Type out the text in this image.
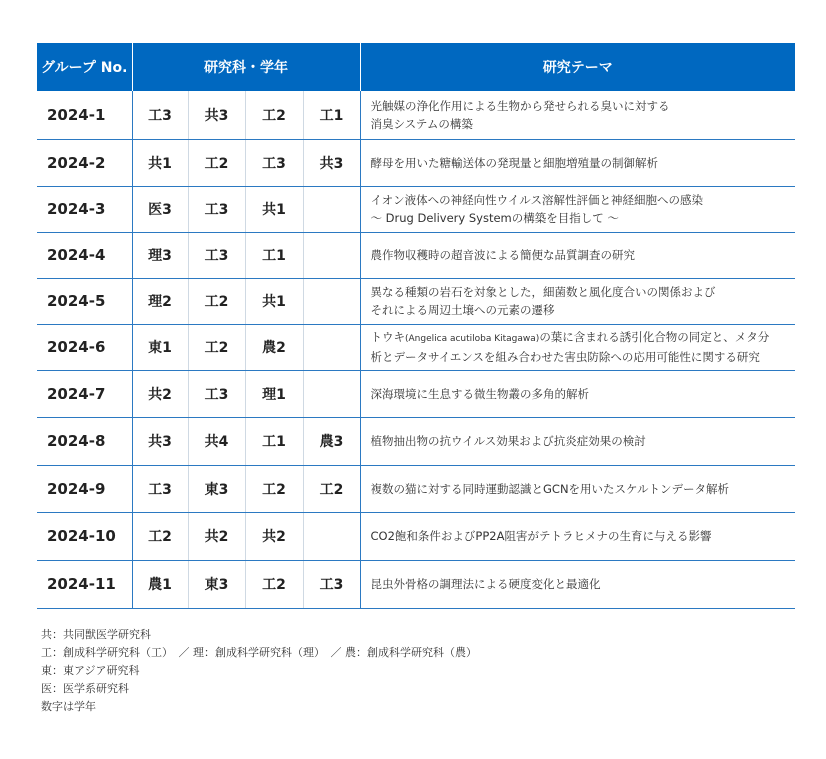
グループ No.	研究科・学年				研究テーマ
2024-1	工3	共3	工2	工1	光触媒の浄化作用による生物から発せられる臭いに対する
消臭システムの構築

2024-2	共1	工2	工3	共3	酵母を用いた糖輸送体の発現量と細胞増殖量の制御解析

2024-3	医3	工3	共1		イオン液体への神経向性ウイルス溶解性評価と神経細胞への感染
～ Drug Delivery Systemの構築を目指して ～

2024-4	理3	工3	工1		農作物収穫時の超音波による簡便な品質調査の研究

2024-5	理2	工2	共1		異なる種類の岩石を対象とした，細菌数と風化度合いの関係および
それによる周辺土壌への元素の遷移

2024-6	東1	工2	農2		トウキ(Angelica acutiloba Kitagawa)の葉に含まれる誘引化合物の同定と、メタ分
析とデータサイエンスを組み合わせた害虫防除への応用可能性に関する研究

2024-7	共2	工3	理1		深海環境に生息する微生物叢の多角的解析

2024-8	共3	共4	工1	農3	植物抽出物の抗ウイルス効果および抗炎症効果の検討

2024-9	工3	東3	工2	工2	複数の猫に対する同時運動認識とGCNを用いたスケルトンデータ解析

2024-10	工2	共2	共2		CO2飽和条件およびPP2A阻害がテトラヒメナの生育に与える影響

2024-11	農1	東3	工2	工3	昆虫外骨格の調理法による硬度変化と最適化
共：共同獣医学研究科
工：創成科学研究科（工）　／ 理：創成科学研究科（理）　／ 農：創成科学研究科（農）
東：東アジア研究科
医：医学系研究科
数字は学年
